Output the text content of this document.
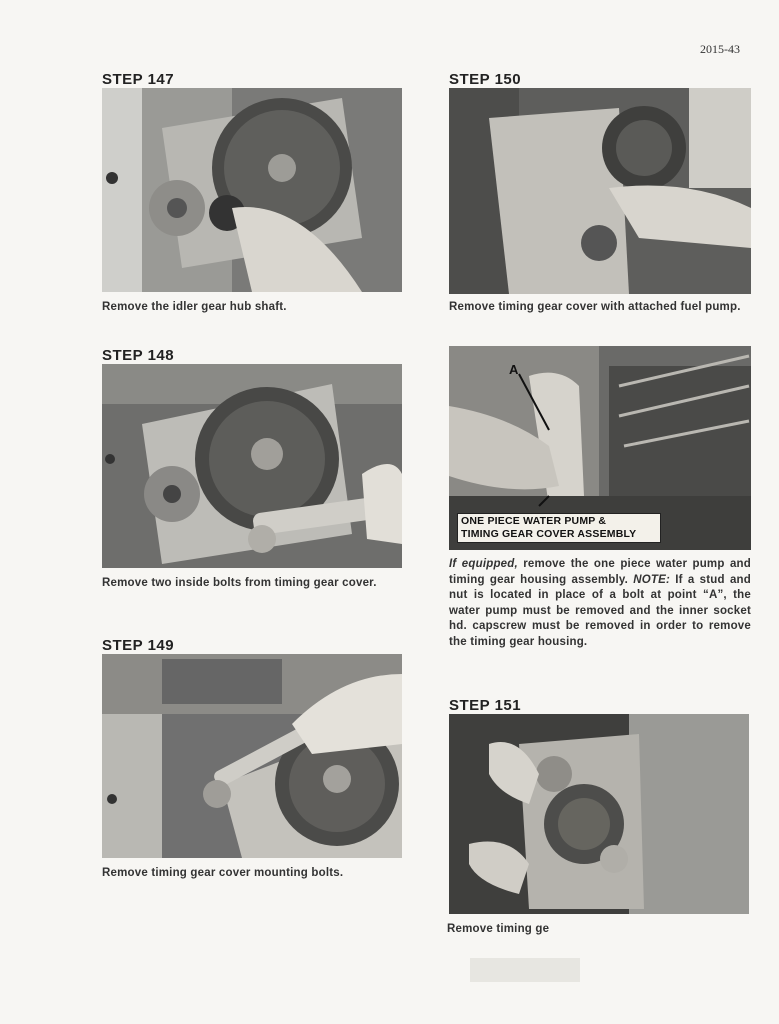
2015-43
STEP 147
Remove the idler gear hub shaft.
STEP 148
Remove two inside bolts from timing gear cover.
STEP 149
Remove timing gear cover mounting bolts.
STEP 150
Remove timing gear cover with attached fuel pump.
A
ONE PIECE WATER PUMP &
TIMING GEAR COVER ASSEMBLY
If equipped, remove the one piece water pump and timing gear housing assembly. NOTE: If a stud and nut is located in place of a bolt at point “A”, the water pump must be removed and the inner socket hd. capscrew must be removed in order to remove the timing gear housing.
STEP 151
Remove timing ge
